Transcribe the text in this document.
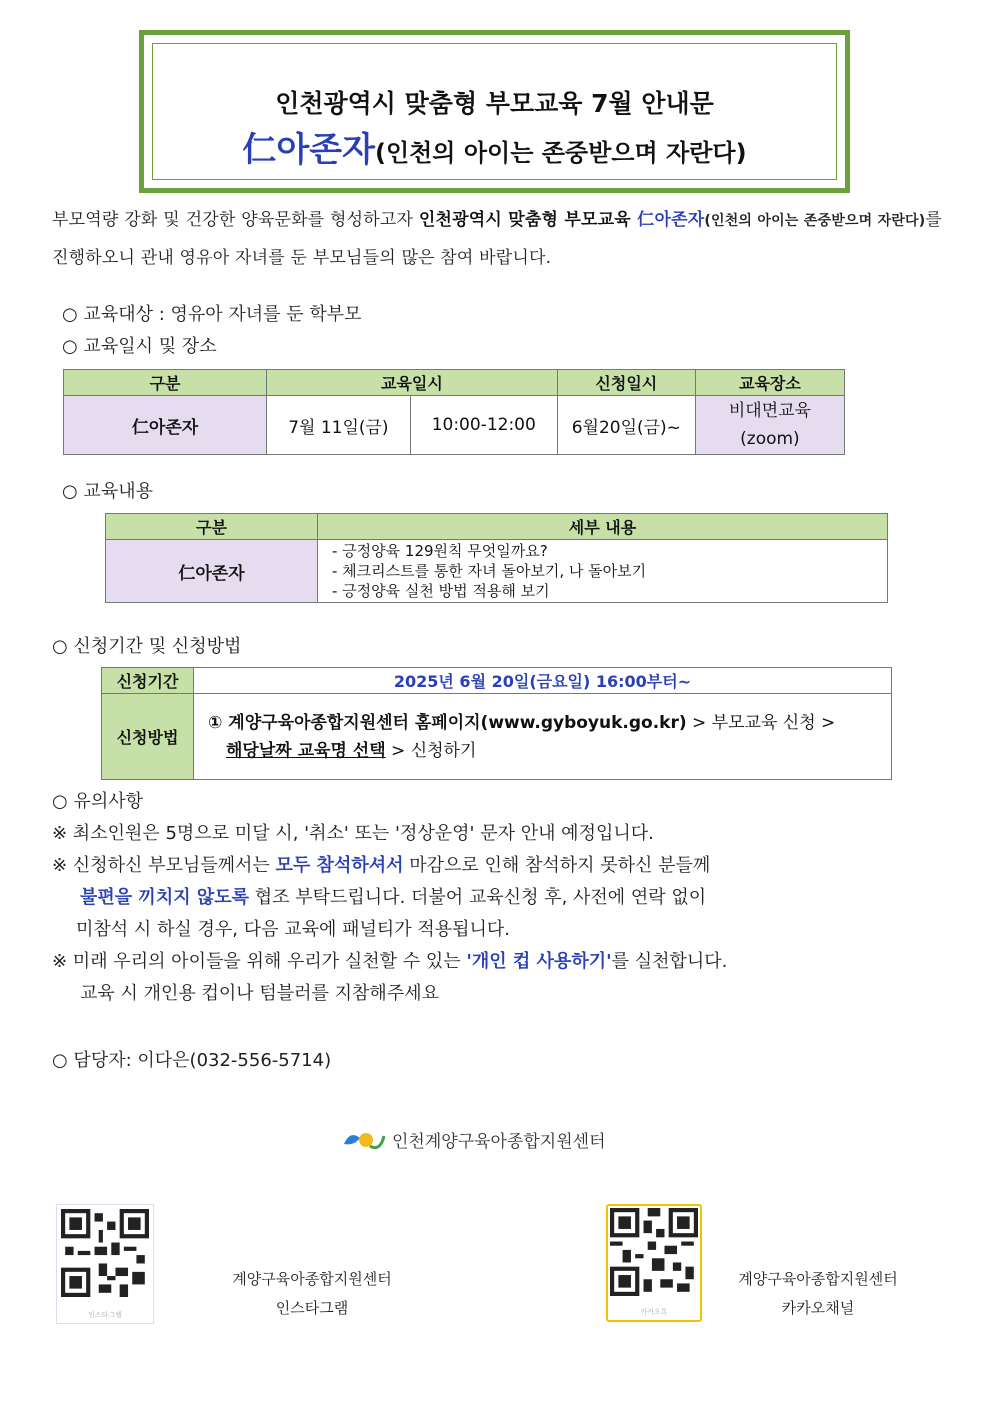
인천광역시 맞춤형 부모교육 7월 안내문
仁아존자(인천의 아이는 존중받으며 자란다)
부모역량 강화 및 건강한 양육문화를 형성하고자 인천광역시 맞춤형 부모교육 仁아존자(인천의 아이는 존중받으며 자란다)를 진행하오니 관내 영유아 자녀를 둔 부모님들의 많은 참여 바랍니다.
○ 교육대상 : 영유아 자녀를 둔 학부모
○ 교육일시 및 장소
구분	교육일시		신청일시	교육장소
仁아존자	7월 11일(금)	10:00-12:00	6월20일(금)~	비대면교육
(zoom)
○ 교육내용
구분	세부 내용
仁아존자	- 긍정양육 129원칙 무엇일까요?
- 체크리스트를 통한 자녀 돌아보기, 나 돌아보기
- 긍정양육 실천 방법 적용해 보기
○ 신청기간 및 신청방법
신청기간	2025년 6월 20일(금요일) 16:00부터~
신청방법	① 계양구육아종합지원센터 홈페이지(www.gyboyuk.go.kr) > 부모교육 신청 >
해당날짜 교육명 선택 > 신청하기
○ 유의사항
※ 최소인원은 5명으로 미달 시, '취소' 또는 '정상운영' 문자 안내 예정입니다.
※ 신청하신 부모님들께서는 모두 참석하셔서 마감으로 인해 참석하지 못하신 분들께
불편을 끼치지 않도록 협조 부탁드립니다. 더불어 교육신청 후, 사전에 연락 없이
미참석 시 하실 경우, 다음 교육에 패널티가 적용됩니다.
※ 미래 우리의 아이들을 위해 우리가 실천할 수 있는 '개인 컵 사용하기'를 실천합니다.
교육 시 개인용 컵이나 텀블러를 지참해주세요
○ 담당자: 이다은(032-556-5714)
인천계양구육아종합지원센터
인스타그램
계양구육아종합지원센터
인스타그램	카카오톡
계양구육아종합지원센터
카카오채널
